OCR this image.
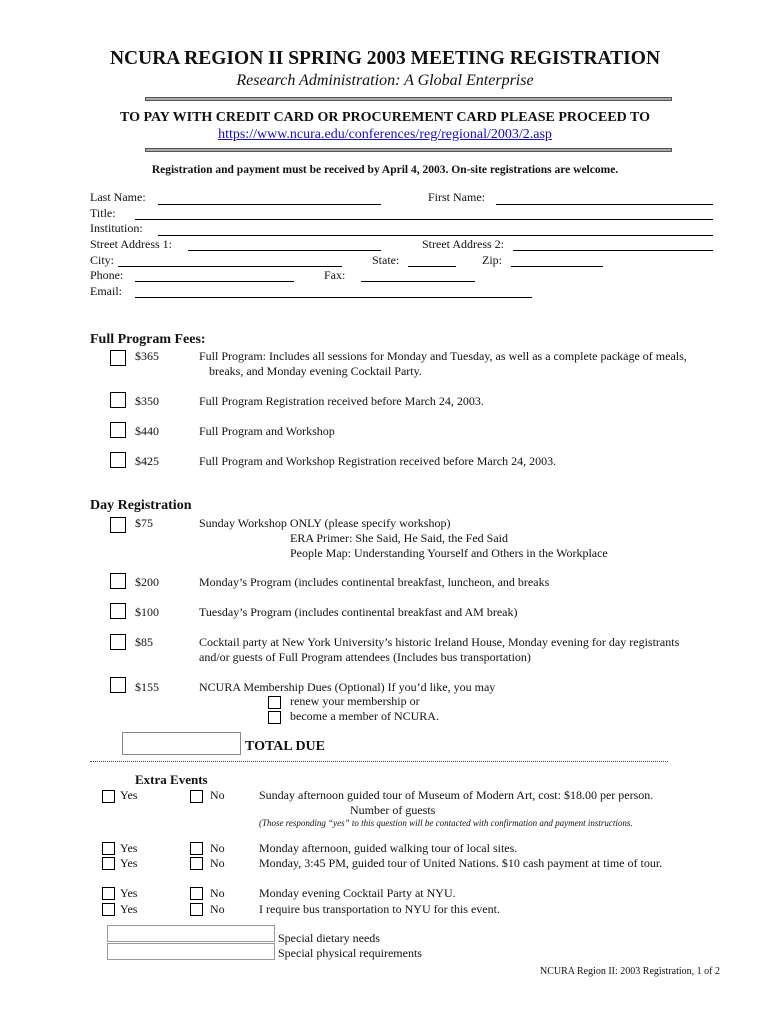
NCURA REGION II SPRING 2003 MEETING REGISTRATION
Research Administration: A Global Enterprise
TO PAY WITH CREDIT CARD OR PROCUREMENT CARD PLEASE PROCEED TO
https://www.ncura.edu/conferences/reg/regional/2003/2.asp
Registration and payment must be received by April 4, 2003. On-site registrations are welcome.
Last Name:	First Name:
Title:
Institution:
Street Address 1:	Street Address 2:
City:	State:	Zip:
Phone:	Fax:
Email:
Full Program Fees:
$365	Full Program: Includes all sessions for Monday and Tuesday, as well as a complete package of meals,
breaks, and Monday evening Cocktail Party.
$350	Full Program Registration received before March 24, 2003.
$440	Full Program and Workshop
$425	Full Program and Workshop Registration received before March 24, 2003.
Day Registration
$75	Sunday Workshop ONLY (please specify workshop)
ERA Primer: She Said, He Said, the Fed Said
People Map: Understanding Yourself and Others in the Workplace
$200	Monday’s Program (includes continental breakfast, luncheon, and breaks
$100	Tuesday’s Program (includes continental breakfast and AM break)
$85	Cocktail party at New York University’s historic Ireland House, Monday evening for day registrants
and/or guests of Full Program attendees (Includes bus transportation)
$155	NCURA Membership Dues (Optional) If you’d like, you may
renew your membership or
become a member of NCURA.
TOTAL DUE
Extra Events
Yes	No	Sunday afternoon guided tour of Museum of Modern Art, cost: $18.00 per person.
Number of guests
(Those responding “yes” to this question will be contacted with confirmation and payment instructions.
Yes	No	Monday afternoon, guided walking tour of local sites.
Yes	No	Monday, 3:45 PM, guided tour of United Nations. $10 cash payment at time of tour.
Yes	No	Monday evening Cocktail Party at NYU.
Yes	No	I require bus transportation to NYU for this event.
Special dietary needs
Special physical requirements
NCURA Region II: 2003 Registration, 1 of 2
